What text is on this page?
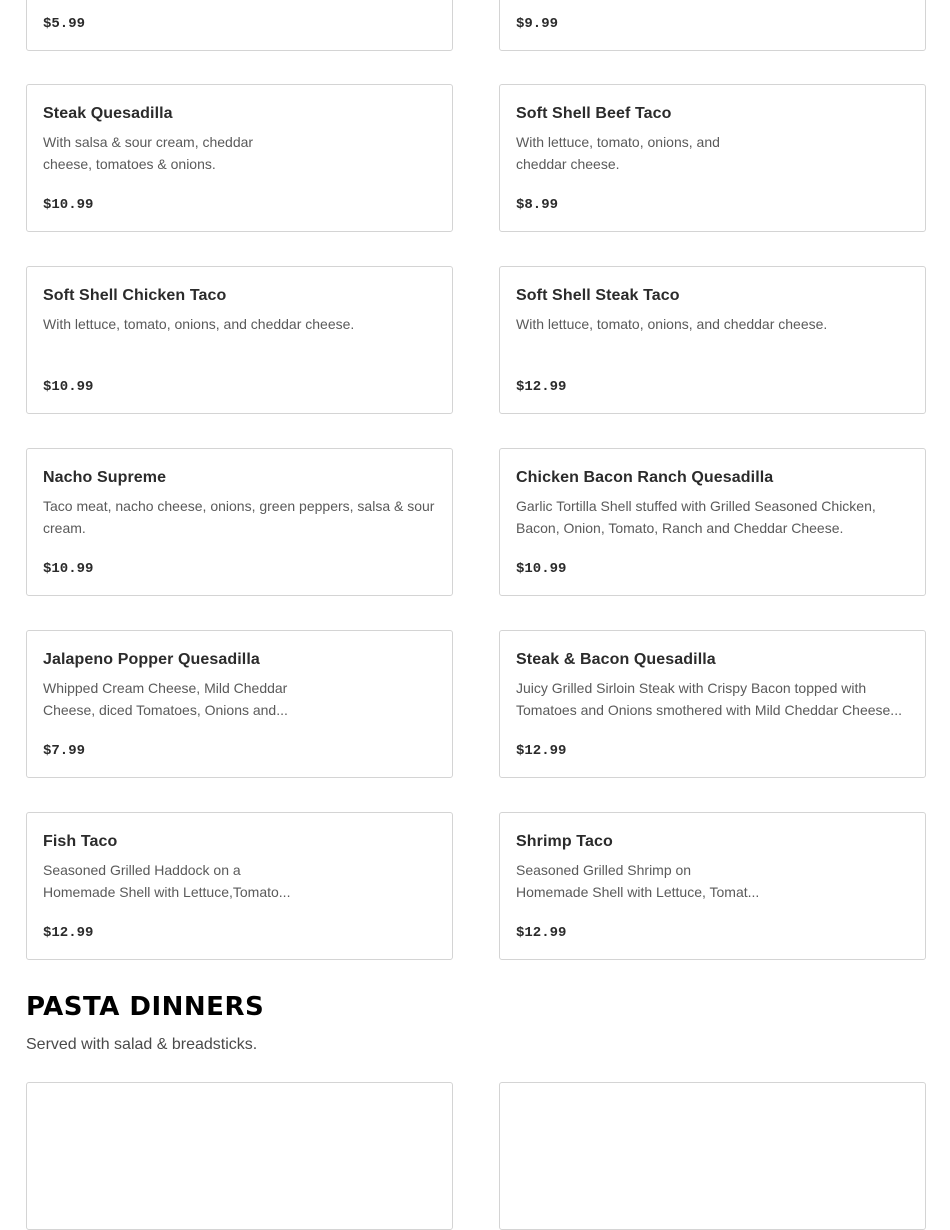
$5.99	$9.99
Steak Quesadilla
With salsa & sour cream, cheddar cheese, tomatoes & onions.
$10.99
Soft Shell Beef Taco
With lettuce, tomato, onions, and cheddar cheese.
$8.99
Soft Shell Chicken Taco
With lettuce, tomato, onions, and cheddar cheese.
$10.99
Soft Shell Steak Taco
With lettuce, tomato, onions, and cheddar cheese.
$12.99
Nacho Supreme
Taco meat, nacho cheese, onions, green peppers, salsa & sour cream.
$10.99
Chicken Bacon Ranch Quesadilla
Garlic Tortilla Shell stuffed with Grilled Seasoned Chicken, Bacon, Onion, Tomato, Ranch and Cheddar Cheese.
$10.99
Jalapeno Popper Quesadilla
Whipped Cream Cheese, Mild Cheddar Cheese, diced Tomatoes, Onions and...
$7.99
Steak & Bacon Quesadilla
Juicy Grilled Sirloin Steak with Crispy Bacon topped with Tomatoes and Onions smothered with Mild Cheddar Cheese...
$12.99
Fish Taco
Seasoned Grilled Haddock on a Homemade Shell with Lettuce,Tomato...
$12.99
Shrimp Taco
Seasoned Grilled Shrimp on Homemade Shell with Lettuce, Tomat...
$12.99
PASTA DINNERS
Served with salad & breadsticks.
